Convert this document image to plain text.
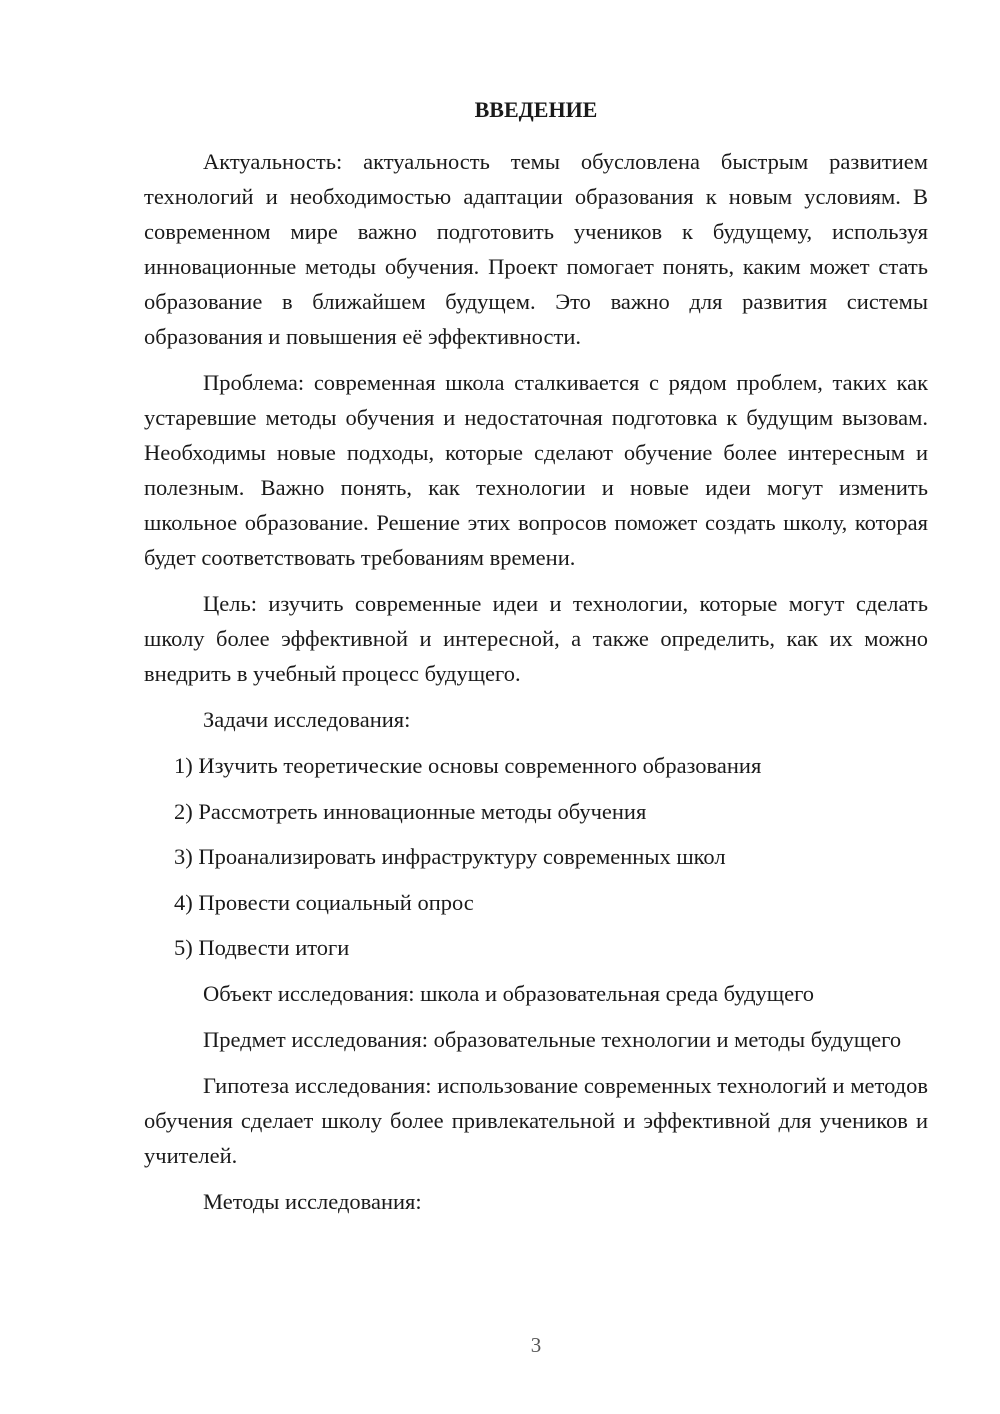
ВВЕДЕНИЕ

Актуальность: актуальность темы обусловлена быстрым развитием технологий и необходимостью адаптации образования к новым условиям. В современном мире важно подготовить учеников к будущему, используя инновационные методы обучения. Проект помогает понять, каким может стать образование в ближайшем будущем. Это важно для развития системы образования и повышения её эффективности.

Проблема: современная школа сталкивается с рядом проблем, таких как устаревшие методы обучения и недостаточная подготовка к будущим вызовам. Необходимы новые подходы, которые сделают обучение более интересным и полезным. Важно понять, как технологии и новые идеи могут изменить школьное образование. Решение этих вопросов поможет создать школу, которая будет соответствовать требованиям времени.

Цель: изучить современные идеи и технологии, которые могут сделать школу более эффективной и интересной, а также определить, как их можно внедрить в учебный процесс будущего.

Задачи исследования:

1) Изучить теоретические основы современного образования
2) Рассмотреть инновационные методы обучения
3) Проанализировать инфраструктуру современных школ
4) Провести социальный опрос
5) Подвести итоги

Объект исследования: школа и образовательная среда будущего

Предмет исследования: образовательные технологии и методы будущего

Гипотеза исследования: использование современных технологий и методов обучения сделает школу более привлекательной и эффективной для учеников и учителей.

Методы исследования:

3
